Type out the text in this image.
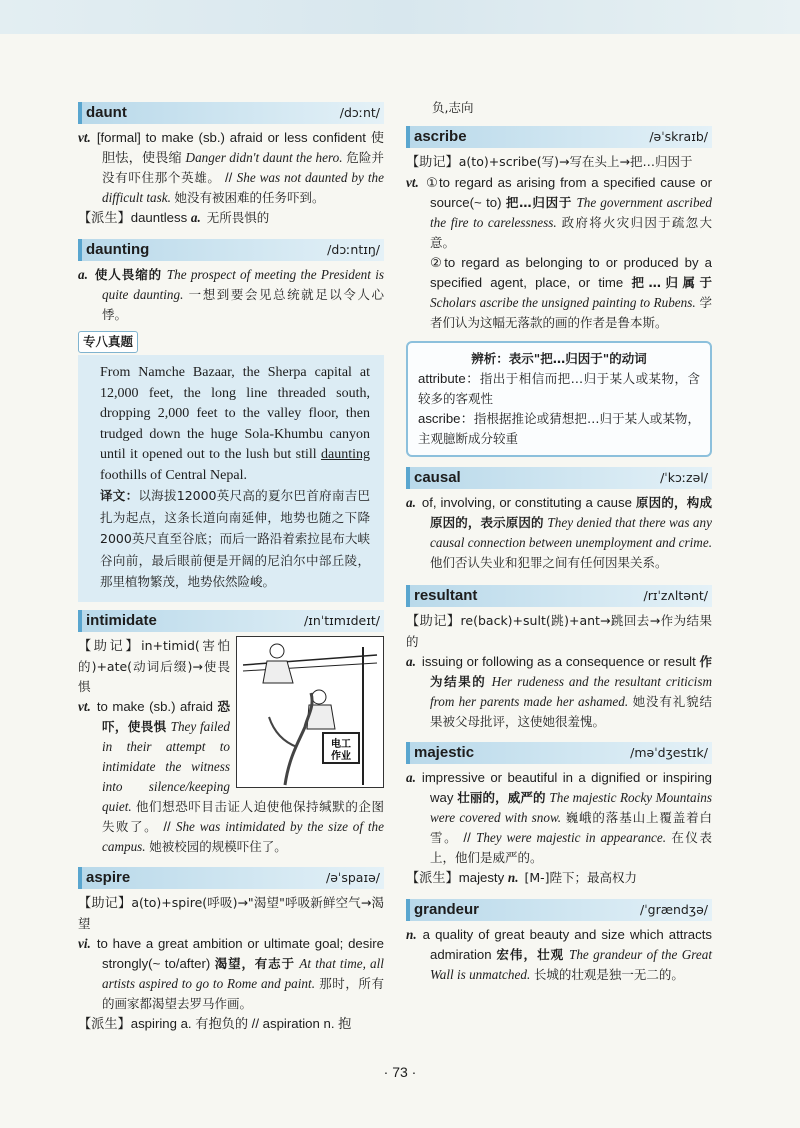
daunt	/dɔːnt/

vt. [formal] to make (sb.) afraid or less confident 使胆怯，使畏缩 Danger didn't daunt the hero. 危险并没有吓住那个英雄。 // She was not daunted by the difficult task. 她没有被困难的任务吓到。

【派生】dauntless a. 无所畏惧的

daunting	/dɔːntɪŋ/

a. 使人畏缩的 The prospect of meeting the President is quite daunting. 一想到要会见总统就足以令人心悸。

专八真题
From Namche Bazaar, the Sherpa capital at 12,000 feet, the long line threaded south, dropping 2,000 feet to the valley floor, then trudged down the huge Sola-Khumbu canyon until it opened out to the lush but still daunting foothills of Central Nepal.
译文：以海拔12000英尺高的夏尔巴首府南吉巴扎为起点，这条长道向南延伸，地势也随之下降2000英尺直至谷底；而后一路沿着索拉昆布大峡谷向前，最后眼前便是开阔的尼泊尔中部丘陵，那里植物繁茂，地势依然险峻。
intimidate	/ɪnˈtɪmɪdeɪt/
电工
作业

【助记】in+timid(害怕的)+ate(动词后缀)→使畏惧

vt. to make (sb.) afraid 恐吓，使畏惧 They failed in their attempt to intimidate the witness into silence/keeping quiet. 他们想恐吓目击证人迫使他保持缄默的企图失败了。 // She was intimidated by the size of the campus. 她被校园的规模吓住了。

aspire	/əˈspaɪə/

【助记】a(to)+spire(呼吸)→"渴望"呼吸新鲜空气→渴望

vi. to have a great ambition or ultimate goal; desire strongly(~ to/after) 渴望，有志于 At that time, all artists aspired to go to Rome and paint. 那时，所有的画家都渴望去罗马作画。

【派生】aspiring a. 有抱负的 // aspiration n. 抱

负,志向

ascribe	/əˈskraɪb/

【助记】a(to)+scribe(写)→写在头上→把…归因于

vt. ①to regard as arising from a specified cause or source(~ to) 把…归因于 The government ascribed the fire to carelessness. 政府将火灾归因于疏忽大意。

②to regard as belonging to or produced by a specified agent, place, or time 把…归属于 Scholars ascribe the unsigned painting to Rubens. 学者们认为这幅无落款的画的作者是鲁本斯。

辨析：表示"把…归因于"的动词

attribute：指出于相信而把…归于某人或某物，含较多的客观性

ascribe：指根据推论或猜想把…归于某人或某物，主观臆断成分较重

causal	/ˈkɔːzəl/

a. of, involving, or constituting a cause 原因的，构成原因的，表示原因的 They denied that there was any causal connection between unemployment and crime. 他们否认失业和犯罪之间有任何因果关系。

resultant	/rɪˈzʌltənt/

【助记】re(back)+sult(跳)+ant→跳回去→作为结果的

a. issuing or following as a consequence or result 作为结果的 Her rudeness and the resultant criticism from her parents made her ashamed. 她没有礼貌结果被父母批评，这使她很羞愧。

majestic	/məˈdʒestɪk/

a. impressive or beautiful in a dignified or inspiring way 壮丽的，威严的 The majestic Rocky Mountains were covered with snow. 巍峨的落基山上覆盖着白雪。 // They were majestic in appearance. 在仪表上，他们是威严的。

【派生】majesty n. [M-]陛下；最高权力

grandeur	/ˈgrændʒə/

n. a quality of great beauty and size which attracts admiration 宏伟，壮观 The grandeur of the Great Wall is unmatched. 长城的壮观是独一无二的。

· 73 ·
